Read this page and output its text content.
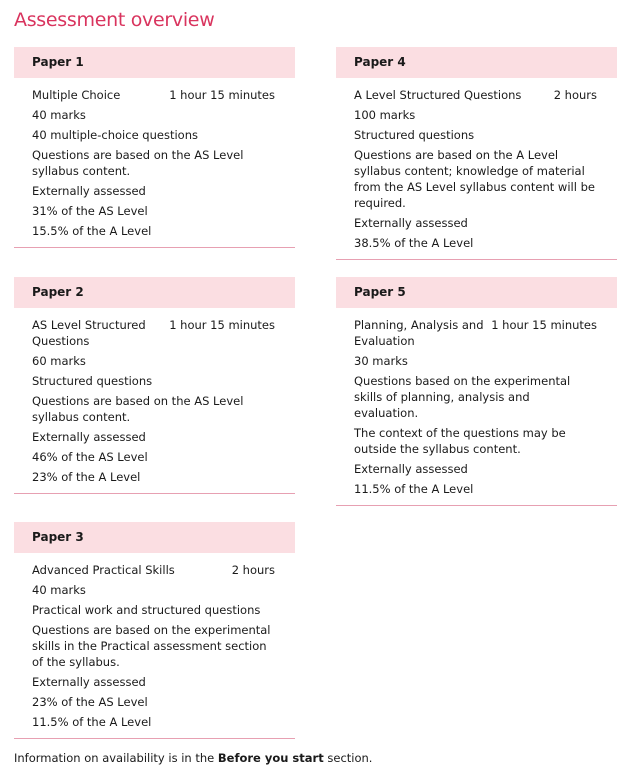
Assessment overview
Paper 1

Multiple Choice	1 hour 15 minutes

40 marks

40 multiple-choice questions

Questions are based on the AS Level syllabus content.

Externally assessed

31% of the AS Level

15.5% of the A Level

Paper 4

A Level Structured Questions	2 hours

100 marks

Structured questions

Questions are based on the A Level syllabus content; knowledge of material from the AS Level syllabus content will be required.

Externally assessed

38.5% of the A Level

Paper 2

AS Level Structured Questions
1 hour 15 minutes

60 marks

Structured questions

Questions are based on the AS Level syllabus content.

Externally assessed

46% of the AS Level

23% of the A Level

Paper 5

Planning, Analysis and Evaluation
1 hour 15 minutes

30 marks

Questions based on the experimental skills of planning, analysis and evaluation.

The context of the questions may be outside the syllabus content.

Externally assessed

11.5% of the A Level

Paper 3

Advanced Practical Skills	2 hours

40 marks

Practical work and structured questions

Questions are based on the experimental skills in the Practical assessment section of the syllabus.

Externally assessed

23% of the AS Level

11.5% of the A Level

Information on availability is in the Before you start section.
